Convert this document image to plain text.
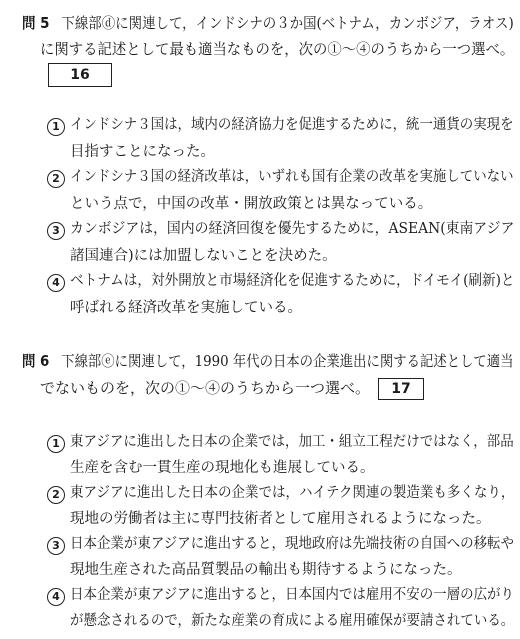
問 5 下線部ⓓに関連して，インドシナの３か国(ベトナム，カンボジア，ラオス)
に関する記述として最も適当なものを，次の①～④のうちから一つ選べ。
16
1 インドシナ３国は，域内の経済協力を促進するために，統一通貨の実現を
目指すことになった。
2 インドシナ３国の経済改革は，いずれも国有企業の改革を実施していない
という点で，中国の改革・開放政策とは異なっている。
3 カンボジアは，国内の経済回復を優先するために，ASEAN(東南アジア
諸国連合)には加盟しないことを決めた。
4 ベトナムは，対外開放と市場経済化を促進するために，ドイモイ(刷新)と
呼ばれる経済改革を実施している。
問 6 下線部ⓔに関連して，1990 年代の日本の企業進出に関する記述として適当
でないものを，次の①～④のうちから一つ選べ。 17
1 東アジアに進出した日本の企業では，加工・組立工程だけではなく，部品
生産を含む一貫生産の現地化も進展している。
2 東アジアに進出した日本の企業では，ハイテク関連の製造業も多くなり，
現地の労働者は主に専門技術者として雇用されるようになった。
3 日本企業が東アジアに進出すると，現地政府は先端技術の自国への移転や
現地生産された高品質製品の輸出も期待するようになった。
4 日本企業が東アジアに進出すると，日本国内では雇用不安の一層の広がり
が懸念されるので，新たな産業の育成による雇用確保が要請されている。
